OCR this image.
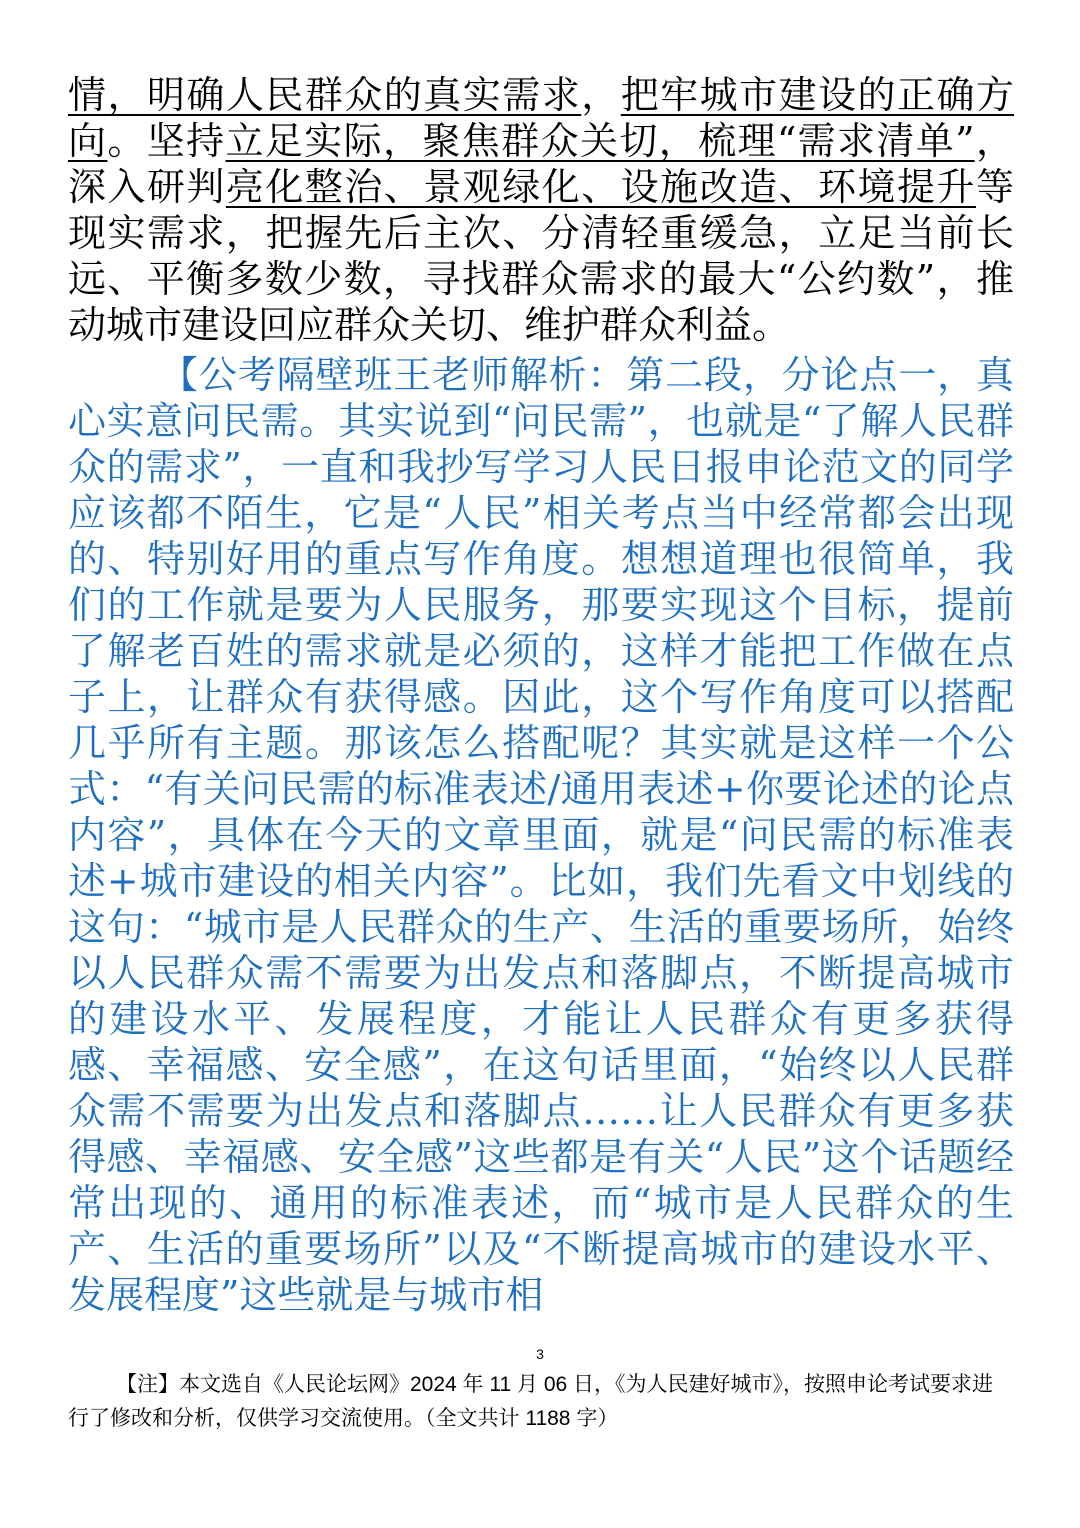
情，明确人民群众的真实需求，把牢城市建设的正确方向。坚持立足实际，聚焦群众关切，梳理“需求清单”，深入研判亮化整治、景观绿化、设施改造、环境提升等现实需求，把握先后主次、分清轻重缓急，立足当前长远、平衡多数少数，寻找群众需求的最大“公约数”，推动城市建设回应群众关切、维护群众利益。

【公考隔壁班王老师解析：第二段，分论点一，真心实意问民需。其实说到“问民需”，也就是“了解人民群众的需求”，一直和我抄写学习人民日报申论范文的同学应该都不陌生，它是“人民”相关考点当中经常都会出现的、特别好用的重点写作角度。想想道理也很简单，我们的工作就是要为人民服务，那要实现这个目标，提前了解老百姓的需求就是必须的，这样才能把工作做在点子上，让群众有获得感。因此，这个写作角度可以搭配几乎所有主题。那该怎么搭配呢？其实就是这样一个公式：“有关问民需的标准表述/通用表述+你要论述的论点内容”，具体在今天的文章里面，就是“问民需的标准表述+城市建设的相关内容”。比如，我们先看文中划线的这句：“城市是人民群众的生产、生活的重要场所，始终以人民群众需不需要为出发点和落脚点，不断提高城市的建设水平、发展程度，才能让人民群众有更多获得感、幸福感、安全感”，在这句话里面，“始终以人民群众需不需要为出发点和落脚点……让人民群众有更多获得感、幸福感、安全感”这些都是有关“人民”这个话题经常出现的、通用的标准表述，而“城市是人民群众的生产、生活的重要场所”以及“不断提高城市的建设水平、发展程度”这些就是与城市相

3

【注】本文选自《人民论坛网》2024 年 11 月 06 日，《为人民建好城市》，按照申论考试要求进行了修改和分析，仅供学习交流使用。（全文共计 1188 字）
